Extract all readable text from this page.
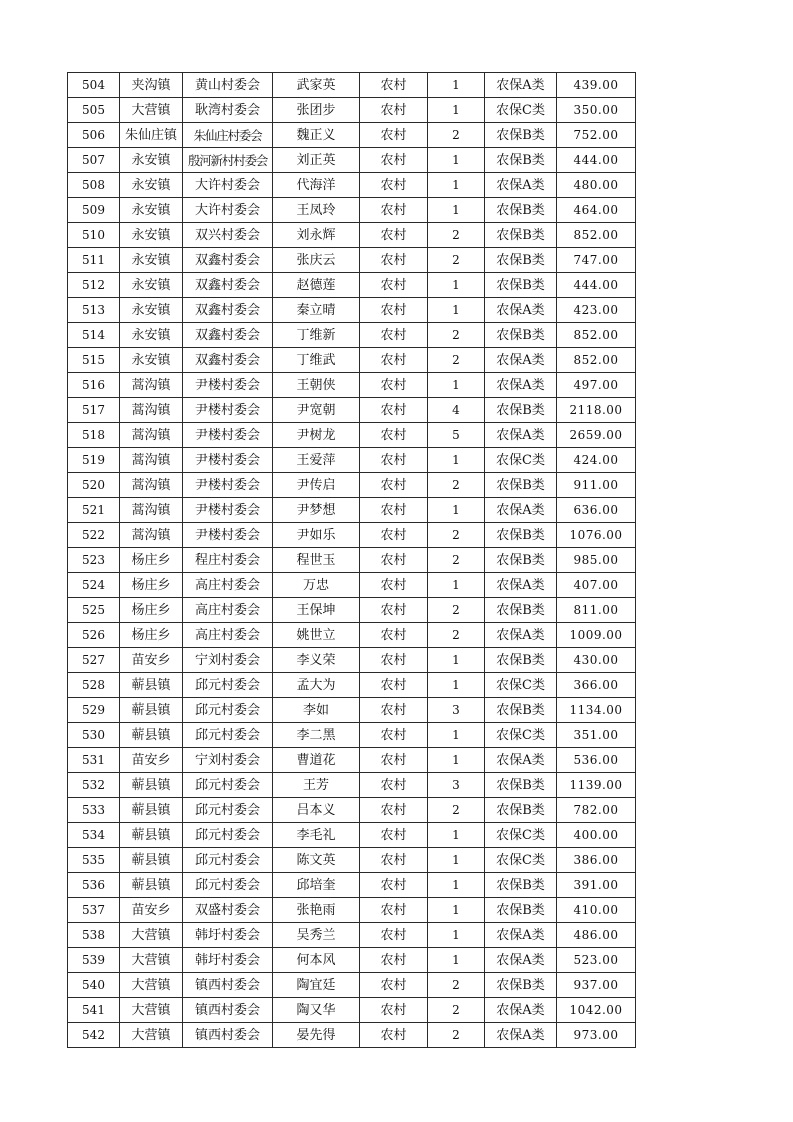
504	夹沟镇	黄山村委会	武家英	农村	1	农保A类	439.00
505	大营镇	耿湾村委会	张团步	农村	1	农保C类	350.00
506	朱仙庄镇	朱仙庄村委会	魏正义	农村	2	农保B类	752.00
507	永安镇	殷河新村村委会	刘正英	农村	1	农保B类	444.00
508	永安镇	大许村委会	代海洋	农村	1	农保A类	480.00
509	永安镇	大许村委会	王凤玲	农村	1	农保B类	464.00
510	永安镇	双兴村委会	刘永辉	农村	2	农保B类	852.00
511	永安镇	双鑫村委会	张庆云	农村	2	农保B类	747.00
512	永安镇	双鑫村委会	赵德莲	农村	1	农保B类	444.00
513	永安镇	双鑫村委会	秦立晴	农村	1	农保A类	423.00
514	永安镇	双鑫村委会	丁维新	农村	2	农保B类	852.00
515	永安镇	双鑫村委会	丁维武	农村	2	农保A类	852.00
516	蒿沟镇	尹楼村委会	王朝侠	农村	1	农保A类	497.00
517	蒿沟镇	尹楼村委会	尹宽朝	农村	4	农保B类	2118.00
518	蒿沟镇	尹楼村委会	尹树龙	农村	5	农保A类	2659.00
519	蒿沟镇	尹楼村委会	王爱萍	农村	1	农保C类	424.00
520	蒿沟镇	尹楼村委会	尹传启	农村	2	农保B类	911.00
521	蒿沟镇	尹楼村委会	尹梦想	农村	1	农保A类	636.00
522	蒿沟镇	尹楼村委会	尹如乐	农村	2	农保B类	1076.00
523	杨庄乡	程庄村委会	程世玉	农村	2	农保B类	985.00
524	杨庄乡	高庄村委会	万忠	农村	1	农保A类	407.00
525	杨庄乡	高庄村委会	王保坤	农村	2	农保B类	811.00
526	杨庄乡	高庄村委会	姚世立	农村	2	农保A类	1009.00
527	苗安乡	宁刘村委会	李义荣	农村	1	农保B类	430.00
528	蕲县镇	邱元村委会	孟大为	农村	1	农保C类	366.00
529	蕲县镇	邱元村委会	李如	农村	3	农保B类	1134.00
530	蕲县镇	邱元村委会	李二黑	农村	1	农保C类	351.00
531	苗安乡	宁刘村委会	曹道花	农村	1	农保A类	536.00
532	蕲县镇	邱元村委会	王芳	农村	3	农保B类	1139.00
533	蕲县镇	邱元村委会	吕本义	农村	2	农保B类	782.00
534	蕲县镇	邱元村委会	李毛礼	农村	1	农保C类	400.00
535	蕲县镇	邱元村委会	陈文英	农村	1	农保C类	386.00
536	蕲县镇	邱元村委会	邱培奎	农村	1	农保B类	391.00
537	苗安乡	双盛村委会	张艳雨	农村	1	农保B类	410.00
538	大营镇	韩圩村委会	吴秀兰	农村	1	农保A类	486.00
539	大营镇	韩圩村委会	何本风	农村	1	农保A类	523.00
540	大营镇	镇西村委会	陶宜廷	农村	2	农保B类	937.00
541	大营镇	镇西村委会	陶又华	农村	2	农保A类	1042.00
542	大营镇	镇西村委会	晏先得	农村	2	农保A类	973.00
